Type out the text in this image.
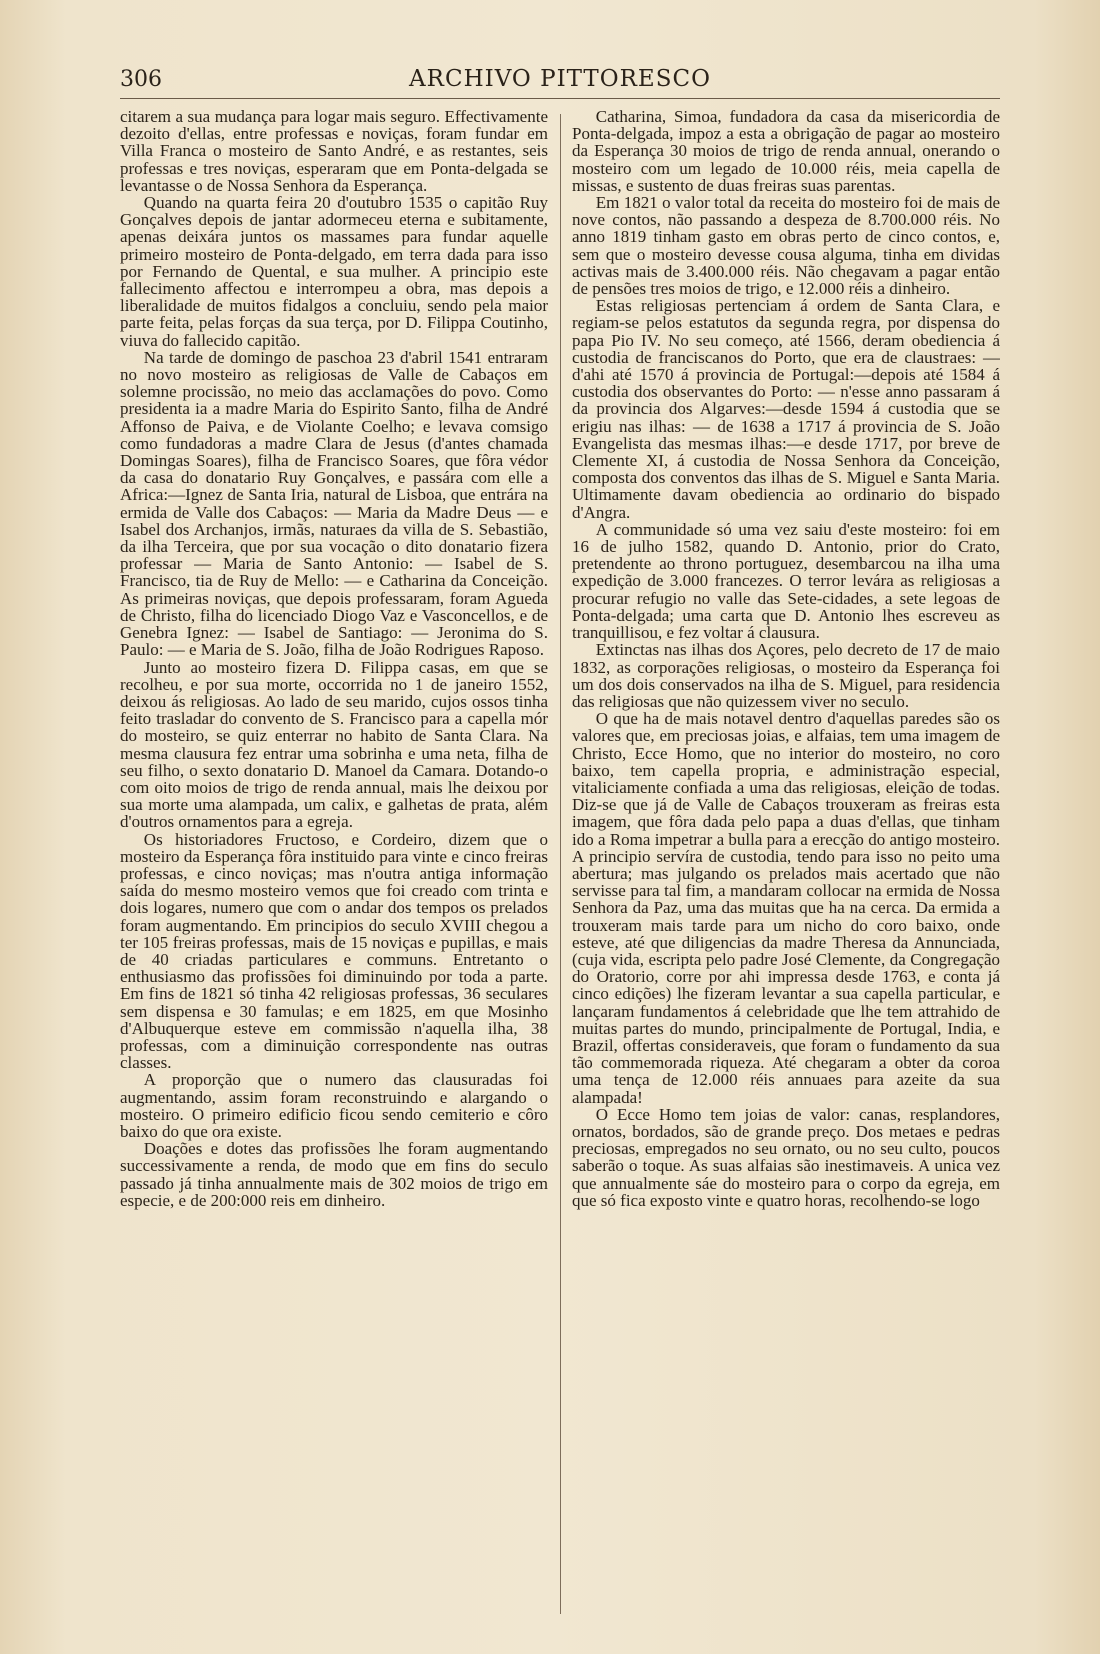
306	ARCHIVO PITTORESCO

citarem a sua mudança para logar mais seguro. Effectivamente dezoito d'ellas, entre professas e noviças, foram fundar em Villa Franca o mosteiro de Santo André, e as restantes, seis professas e tres noviças, esperaram que em Ponta-delgada se levantasse o de Nossa Senhora da Esperança.

Quando na quarta feira 20 d'outubro 1535 o capitão Ruy Gonçalves depois de jantar adormeceu eterna e subitamente, apenas deixára juntos os massames para fundar aquelle primeiro mosteiro de Ponta-delgado, em terra dada para isso por Fernando de Quental, e sua mulher. A principio este fallecimento affectou e interrompeu a obra, mas depois a liberalidade de muitos fidalgos a concluiu, sendo pela maior parte feita, pelas forças da sua terça, por D. Filippa Coutinho, viuva do fallecido capitão.

Na tarde de domingo de paschoa 23 d'abril 1541 entraram no novo mosteiro as religiosas de Valle de Cabaços em solemne procissão, no meio das acclamações do povo. Como presidenta ia a madre Maria do Espirito Santo, filha de André Affonso de Paiva, e de Violante Coelho; e levava comsigo como fundadoras a madre Clara de Jesus (d'antes chamada Domingas Soares), filha de Francisco Soares, que fôra védor da casa do donatario Ruy Gonçalves, e passára com elle a Africa:—Ignez de Santa Iria, natural de Lisboa, que entrára na ermida de Valle dos Cabaços: — Maria da Madre Deus — e Isabel dos Archanjos, irmãs, naturaes da villa de S. Sebastião, da ilha Terceira, que por sua vocação o dito donatario fizera professar — Maria de Santo Antonio: — Isabel de S. Francisco, tia de Ruy de Mello: — e Catharina da Conceição. As primeiras noviças, que depois professaram, foram Agueda de Christo, filha do licenciado Diogo Vaz e Vasconcellos, e de Genebra Ignez: — Isabel de Santiago: — Jeronima do S. Paulo: — e Maria de S. João, filha de João Rodrigues Raposo.

Junto ao mosteiro fizera D. Filippa casas, em que se recolheu, e por sua morte, occorrida no 1 de janeiro 1552, deixou ás religiosas. Ao lado de seu marido, cujos ossos tinha feito trasladar do convento de S. Francisco para a capella mór do mosteiro, se quiz enterrar no habito de Santa Clara. Na mesma clausura fez entrar uma sobrinha e uma neta, filha de seu filho, o sexto donatario D. Manoel da Camara. Dotando-o com oito moios de trigo de renda annual, mais lhe deixou por sua morte uma alampada, um calix, e galhetas de prata, além d'outros ornamentos para a egreja.

Os historiadores Fructoso, e Cordeiro, dizem que o mosteiro da Esperança fôra instituido para vinte e cinco freiras professas, e cinco noviças; mas n'outra antiga informação saída do mesmo mosteiro vemos que foi creado com trinta e dois logares, numero que com o andar dos tempos os prelados foram augmentando. Em principios do seculo XVIII chegou a ter 105 freiras professas, mais de 15 noviças e pupillas, e mais de 40 criadas particulares e communs. Entretanto o enthusiasmo das profissões foi diminuindo por toda a parte. Em fins de 1821 só tinha 42 religiosas professas, 36 seculares sem dispensa e 30 famulas; e em 1825, em que Mosinho d'Albuquerque esteve em commissão n'aquella ilha, 38 professas, com a diminuição correspondente nas outras classes.

A proporção que o numero das clausuradas foi augmentando, assim foram reconstruindo e alargando o mosteiro. O primeiro edificio ficou sendo cemiterio e côro baixo do que ora existe.

Doações e dotes das profissões lhe foram augmentando successivamente a renda, de modo que em fins do seculo passado já tinha annualmente mais de 302 moios de trigo em especie, e de 200:000 reis em dinheiro.

Catharina, Simoa, fundadora da casa da misericordia de Ponta-delgada, impoz a esta a obrigação de pagar ao mosteiro da Esperança 30 moios de trigo de renda annual, onerando o mosteiro com um legado de 10.000 réis, meia capella de missas, e sustento de duas freiras suas parentas.

Em 1821 o valor total da receita do mosteiro foi de mais de nove contos, não passando a despeza de 8.700.000 réis. No anno 1819 tinham gasto em obras perto de cinco contos, e, sem que o mosteiro devesse cousa alguma, tinha em dividas activas mais de 3.400.000 réis. Não chegavam a pagar então de pensões tres moios de trigo, e 12.000 réis a dinheiro.

Estas religiosas pertenciam á ordem de Santa Clara, e regiam-se pelos estatutos da segunda regra, por dispensa do papa Pio IV. No seu começo, até 1566, deram obediencia á custodia de franciscanos do Porto, que era de claustraes: — d'ahi até 1570 á provincia de Portugal:—depois até 1584 á custodia dos observantes do Porto: — n'esse anno passaram á da provincia dos Algarves:—desde 1594 á custodia que se erigiu nas ilhas: — de 1638 a 1717 á provincia de S. João Evangelista das mesmas ilhas:—e desde 1717, por breve de Clemente XI, á custodia de Nossa Senhora da Conceição, composta dos conventos das ilhas de S. Miguel e Santa Maria. Ultimamente davam obediencia ao ordinario do bispado d'Angra.

A communidade só uma vez saiu d'este mosteiro: foi em 16 de julho 1582, quando D. Antonio, prior do Crato, pretendente ao throno portuguez, desembarcou na ilha uma expedição de 3.000 francezes. O terror levára as religiosas a procurar refugio no valle das Sete-cidades, a sete legoas de Ponta-delgada; uma carta que D. Antonio lhes escreveu as tranquillisou, e fez voltar á clausura.

Extinctas nas ilhas dos Açores, pelo decreto de 17 de maio 1832, as corporações religiosas, o mosteiro da Esperança foi um dos dois conservados na ilha de S. Miguel, para residencia das religiosas que não quizessem viver no seculo.

O que ha de mais notavel dentro d'aquellas paredes são os valores que, em preciosas joias, e alfaias, tem uma imagem de Christo, Ecce Homo, que no interior do mosteiro, no coro baixo, tem capella propria, e administração especial, vitaliciamente confiada a uma das religiosas, eleição de todas. Diz-se que já de Valle de Cabaços trouxeram as freiras esta imagem, que fôra dada pelo papa a duas d'ellas, que tinham ido a Roma impetrar a bulla para a erecção do antigo mosteiro. A principio servíra de custodia, tendo para isso no peito uma abertura; mas julgando os prelados mais acertado que não servisse para tal fim, a mandaram collocar na ermida de Nossa Senhora da Paz, uma das muitas que ha na cerca. Da ermida a trouxeram mais tarde para um nicho do coro baixo, onde esteve, até que diligencias da madre Theresa da Annunciada, (cuja vida, escripta pelo padre José Clemente, da Congregação do Oratorio, corre por ahi impressa desde 1763, e conta já cinco edições) lhe fizeram levantar a sua capella particular, e lançaram fundamentos á celebridade que lhe tem attrahido de muitas partes do mundo, principalmente de Portugal, India, e Brazil, offertas consideraveis, que foram o fundamento da sua tão commemorada riqueza. Até chegaram a obter da coroa uma tença de 12.000 réis annuaes para azeite da sua alampada!

O Ecce Homo tem joias de valor: canas, resplandores, ornatos, bordados, são de grande preço. Dos metaes e pedras preciosas, empregados no seu ornato, ou no seu culto, poucos saberão o toque. As suas alfaias são inestimaveis. A unica vez que annualmente sáe do mosteiro para o corpo da egreja, em que só fica exposto vinte e quatro horas, recolhendo-se logo
